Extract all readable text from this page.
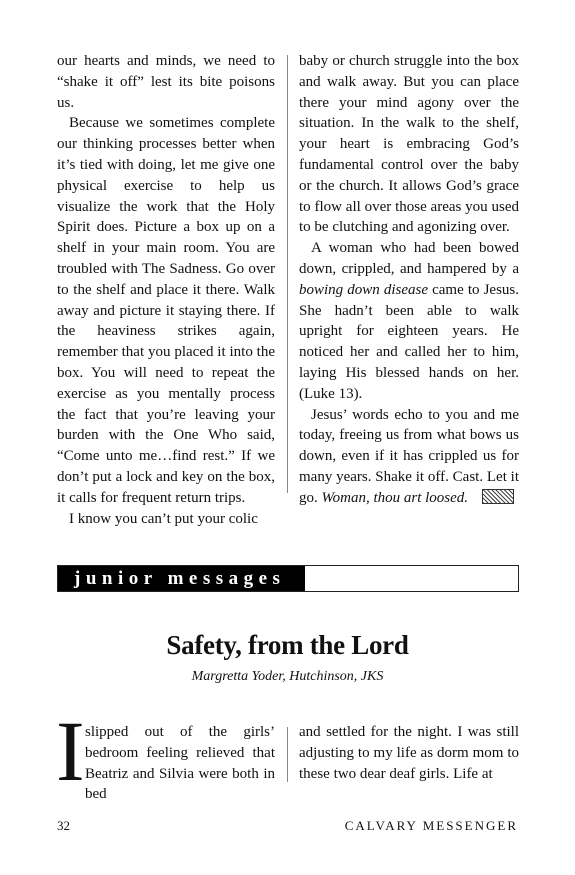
our hearts and minds, we need to “shake it off” lest its bite poisons us.

Because we sometimes complete our thinking processes better when it’s tied with doing, let me give one physical exercise to help us visualize the work that the Holy Spirit does. Picture a box up on a shelf in your main room. You are troubled with The Sadness. Go over to the shelf and place it there. Walk away and picture it staying there. If the heaviness strikes again, remember that you placed it into the box. You will need to repeat the exercise as you mentally process the fact that you’re leaving your burden with the One Who said, “Come unto me…find rest.” If we don’t put a lock and key on the box, it calls for frequent return trips.

I know you can’t put your colic

baby or church struggle into the box and walk away. But you can place there your mind agony over the situation. In the walk to the shelf, your heart is embracing God’s fundamental control over the baby or the church. It allows God’s grace to flow all over those areas you used to be clutching and agonizing over.

A woman who had been bowed down, crippled, and hampered by a bowing down disease came to Jesus. She hadn’t been able to walk upright for eighteen years. He noticed her and called her to him, laying His blessed hands on her. (Luke 13).

Jesus’ words echo to you and me today, freeing us from what bows us down, even if it has crippled us for many years. Shake it off. Cast. Let it go. Woman, thou art loosed.

junior messages
Safety, from the Lord
Margretta Yoder, Hutchinson, JKS
I slipped out of the girls’ bedroom feeling relieved that Beatriz and Silvia were both in bed

and settled for the night. I was still adjusting to my life as dorm mom to these two dear deaf girls. Life at

32	CALVARY MESSENGER
